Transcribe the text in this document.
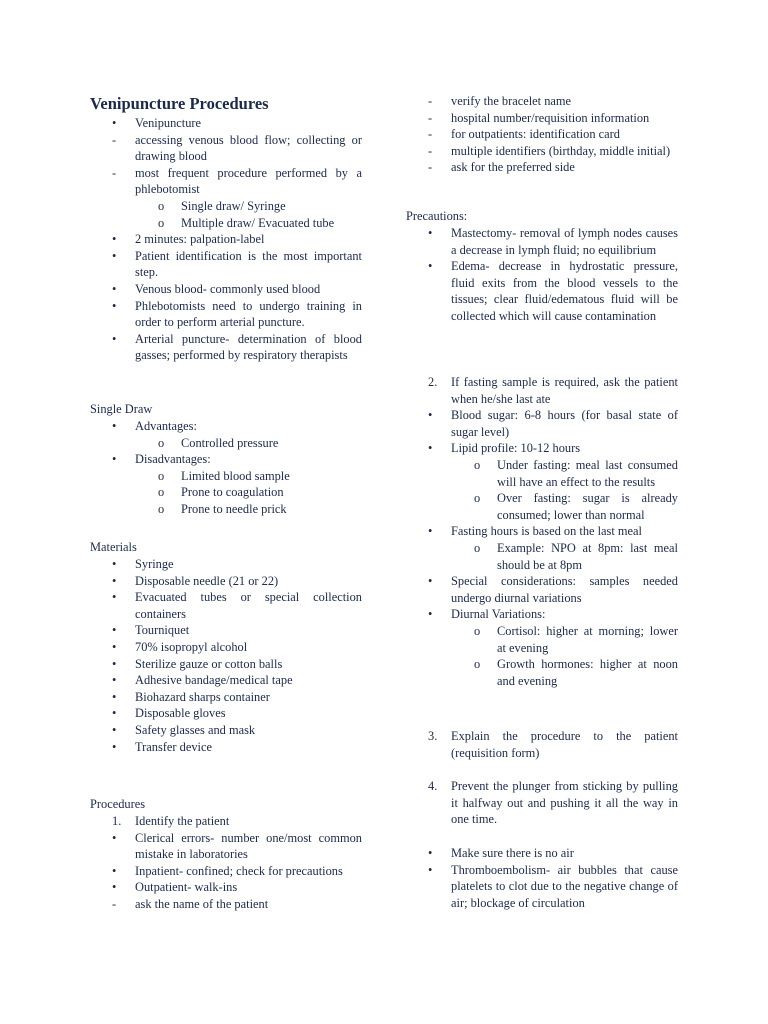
Venipuncture Procedures
• Venipuncture
- accessing venous blood flow; collecting or drawing blood
- most frequent procedure performed by a phlebotomist
o Single draw/ Syringe
o Multiple draw/ Evacuated tube
• 2 minutes: palpation-label
• Patient identification is the most important step.
• Venous blood- commonly used blood
• Phlebotomists need to undergo training in order to perform arterial puncture.
• Arterial puncture- determination of blood gasses; performed by respiratory therapists
Single Draw
• Advantages:
o Controlled pressure
• Disadvantages:
o Limited blood sample
o Prone to coagulation
o Prone to needle prick
Materials
• Syringe
• Disposable needle (21 or 22)
• Evacuated tubes or special collection containers
• Tourniquet
• 70% isopropyl alcohol
• Sterilize gauze or cotton balls
• Adhesive bandage/medical tape
• Biohazard sharps container
• Disposable gloves
• Safety glasses and mask
• Transfer device
Procedures
1. Identify the patient
• Clerical errors- number one/most common mistake in laboratories
• Inpatient- confined; check for precautions
• Outpatient- walk-ins
- ask the name of the patient
- verify the bracelet name
- hospital number/requisition information
- for outpatients: identification card
- multiple identifiers (birthday, middle initial)
- ask for the preferred side
Precautions:
• Mastectomy- removal of lymph nodes causes a decrease in lymph fluid; no equilibrium
• Edema- decrease in hydrostatic pressure, fluid exits from the blood vessels to the tissues; clear fluid/edematous fluid will be collected which will cause contamination
2. If fasting sample is required, ask the patient when he/she last ate
• Blood sugar: 6-8 hours (for basal state of sugar level)
• Lipid profile: 10-12 hours
o Under fasting: meal last consumed will have an effect to the results
o Over fasting: sugar is already consumed; lower than normal
• Fasting hours is based on the last meal
o Example: NPO at 8pm: last meal should be at 8pm
• Special considerations: samples needed undergo diurnal variations
• Diurnal Variations:
o Cortisol: higher at morning; lower at evening
o Growth hormones: higher at noon and evening
3. Explain the procedure to the patient (requisition form)
4. Prevent the plunger from sticking by pulling it halfway out and pushing it all the way in one time.
• Make sure there is no air
• Thromboembolism- air bubbles that cause platelets to clot due to the negative change of air; blockage of circulation
